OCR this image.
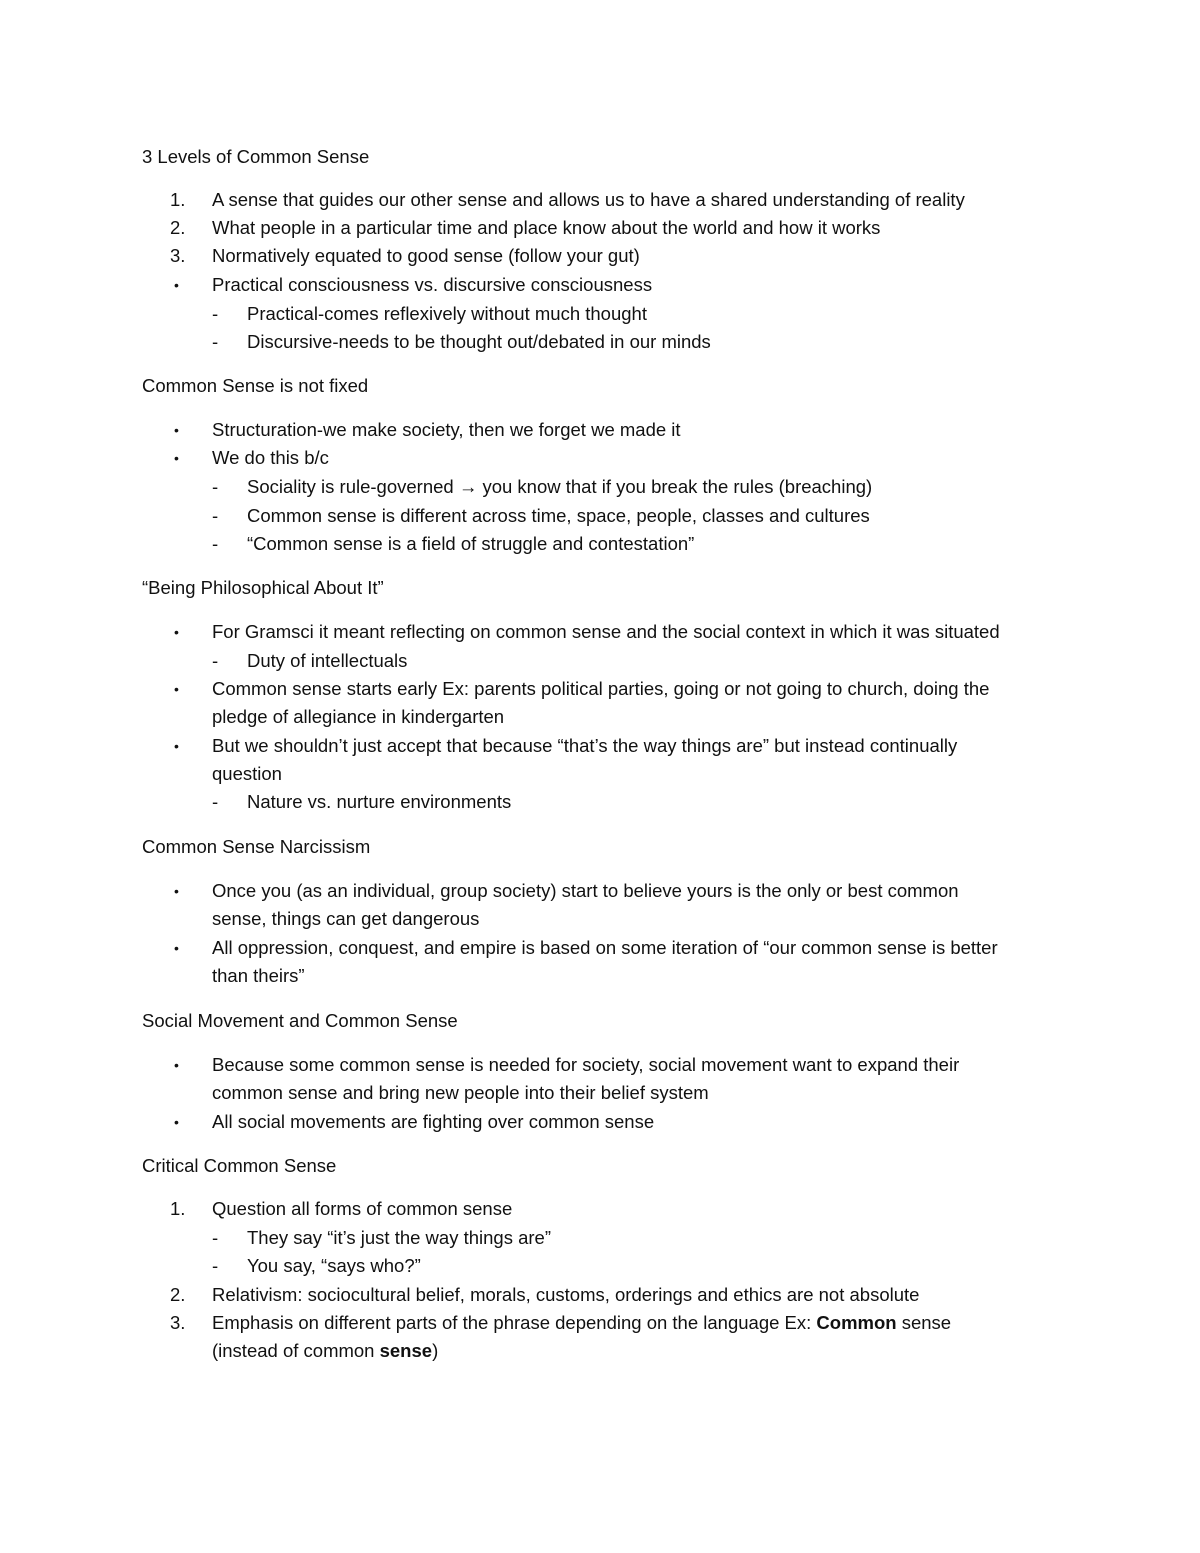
3 Levels of Common Sense
1.	A sense that guides our other sense and allows us to have a shared understanding of reality
2.	What people in a particular time and place know about the world and how it works
3.	Normatively equated to good sense (follow your gut)
•	Practical consciousness vs. discursive consciousness
- Practical-comes reflexively without much thought
- Discursive-needs to be thought out/debated in our minds
Common Sense is not fixed
•	Structuration-we make society, then we forget we made it
•	We do this b/c
- Sociality is rule-governed → you know that if you break the rules (breaching)
- Common sense is different across time, space, people, classes and cultures
- “Common sense is a field of struggle and contestation”
“Being Philosophical About It”
•	For Gramsci it meant reflecting on common sense and the social context in which it was situated
- Duty of intellectuals
•	Common sense starts early Ex: parents political parties, going or not going to church, doing the
pledge of allegiance in kindergarten
•	But we shouldn’t just accept that because “that’s the way things are” but instead continually
question
- Nature vs. nurture environments
Common Sense Narcissism
•	Once you (as an individual, group society) start to believe yours is the only or best common
sense, things can get dangerous
•	All oppression, conquest, and empire is based on some iteration of “our common sense is better
than theirs”
Social Movement and Common Sense
•	Because some common sense is needed for society, social movement want to expand their
common sense and bring new people into their belief system
•	All social movements are fighting over common sense
Critical Common Sense
1.	Question all forms of common sense
- They say “it’s just the way things are”
- You say, “says who?”
2.	Relativism: sociocultural belief, morals, customs, orderings and ethics are not absolute
3.	Emphasis on different parts of the phrase depending on the language Ex: Common sense
(instead of common sense)
